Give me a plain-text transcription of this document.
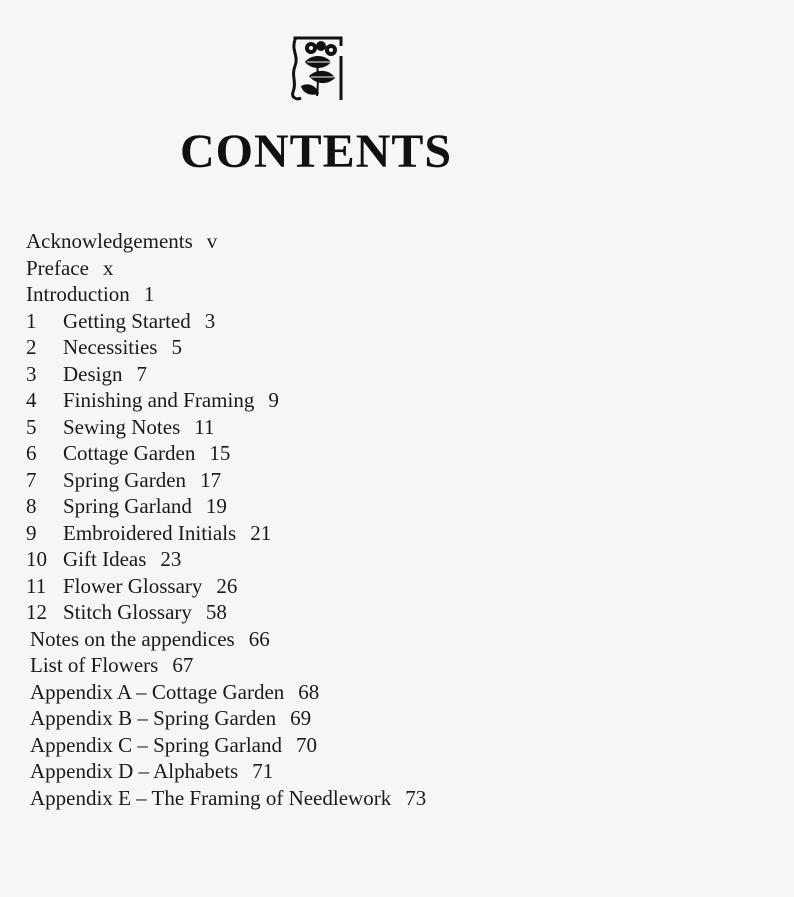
CONTENTS
Acknowledgements v
Preface x
Introduction 1
1	Getting Started 3
2	Necessities 5
3	Design 7
4	Finishing and Framing 9
5	Sewing Notes 11
6	Cottage Garden 15
7	Spring Garden 17
8	Spring Garland 19
9	Embroidered Initials 21
10 Gift Ideas 23
11 Flower Glossary 26
12 Stitch Glossary 58
Notes on the appendices 66
List of Flowers 67
Appendix A – Cottage Garden 68
Appendix B – Spring Garden 69
Appendix C – Spring Garland 70
Appendix D – Alphabets 71
Appendix E – The Framing of Needlework 73
